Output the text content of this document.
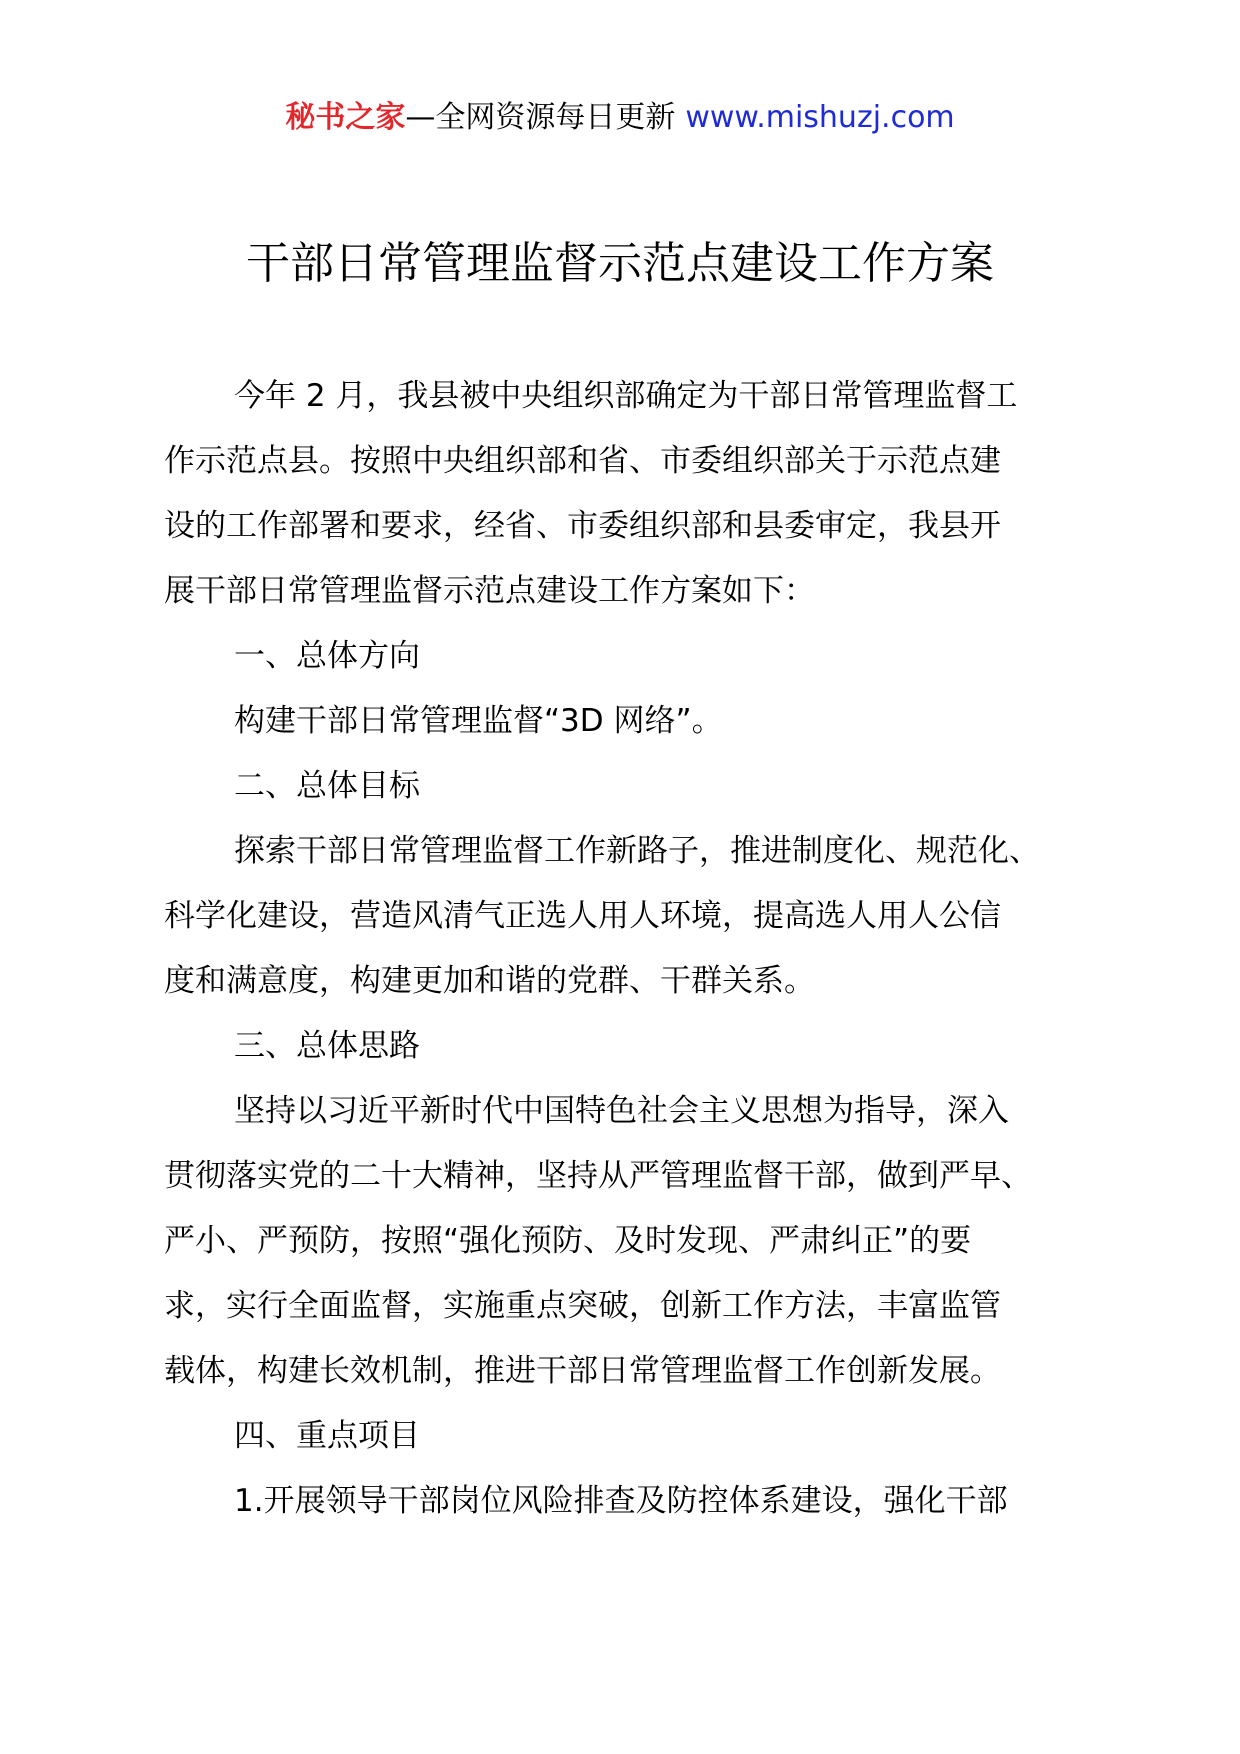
秘书之家—全网资源每日更新 www.mishuzj.com
干部日常管理监督示范点建设工作方案
今年 2 月，我县被中央组织部确定为干部日常管理监督工
作示范点县。按照中央组织部和省、市委组织部关于示范点建
设的工作部署和要求，经省、市委组织部和县委审定，我县开
展干部日常管理监督示范点建设工作方案如下：
一、总体方向
构建干部日常管理监督“3D 网络”。
二、总体目标
探索干部日常管理监督工作新路子，推进制度化、规范化、
科学化建设，营造风清气正选人用人环境，提高选人用人公信
度和满意度，构建更加和谐的党群、干群关系。
三、总体思路
坚持以习近平新时代中国特色社会主义思想为指导，深入
贯彻落实党的二十大精神，坚持从严管理监督干部，做到严早、
严小、严预防，按照“强化预防、及时发现、严肃纠正”的要
求，实行全面监督，实施重点突破，创新工作方法，丰富监管
载体，构建长效机制，推进干部日常管理监督工作创新发展。
四、重点项目
1.开展领导干部岗位风险排查及防控体系建设，强化干部
